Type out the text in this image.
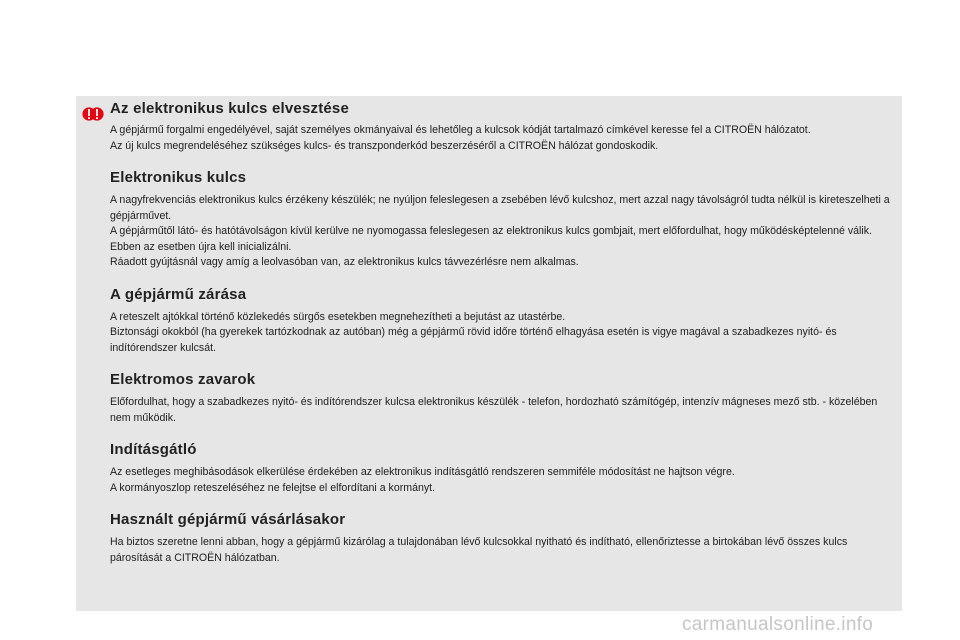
Az elektronikus kulcs elvesztése

A gépjármű forgalmi engedélyével, saját személyes okmányaival és lehetőleg a kulcsok kódját tartalmazó címkével keresse fel a CITROËN hálózatot.

Az új kulcs megrendeléséhez szükséges kulcs- és transzponderkód beszerzéséről a CITROËN hálózat gondoskodik.

Elektronikus kulcs

A nagyfrekvenciás elektronikus kulcs érzékeny készülék; ne nyúljon feleslegesen a zsebében lévő kulcshoz, mert azzal nagy távolságról tudta nélkül is kireteszelheti a gépjárművet.

A gépjárműtől látó- és hatótávolságon kívül kerülve ne nyomogassa feleslegesen az elektronikus kulcs gombjait, mert előfordulhat, hogy működésképtelenné válik. Ebben az esetben újra kell inicializálni.

Ráadott gyújtásnál vagy amíg a leolvasóban van, az elektronikus kulcs távvezérlésre nem alkalmas.

A gépjármű zárása

A reteszelt ajtókkal történő közlekedés sürgős esetekben megnehezítheti a bejutást az utastérbe.

Biztonsági okokból (ha gyerekek tartózkodnak az autóban) még a gépjármű rövid időre történő elhagyása esetén is vigye magával a szabadkezes nyitó- és indítórendszer kulcsát.

Elektromos zavarok

Előfordulhat, hogy a szabadkezes nyitó- és indítórendszer kulcsa elektronikus készülék - telefon, hordozható számítógép, intenzív mágneses mező stb. - közelében nem működik.

Indításgátló

Az esetleges meghibásodások elkerülése érdekében az elektronikus indításgátló rendszeren semmiféle módosítást ne hajtson végre.

A kormányoszlop reteszeléséhez ne felejtse el elfordítani a kormányt.

Használt gépjármű vásárlásakor

Ha biztos szeretne lenni abban, hogy a gépjármű kizárólag a tulajdonában lévő kulcsokkal nyitható és indítható, ellenőriztesse a birtokában lévő összes kulcs párosítását a CITROËN hálózatban.

carmanualsonline.info
